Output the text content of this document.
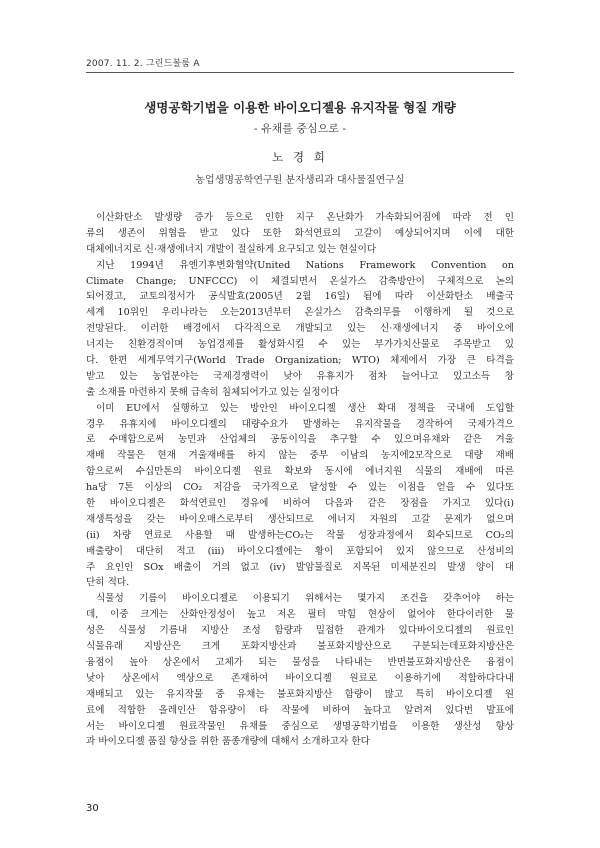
2007. 11. 2. 그린드볼룸 A
생명공학기법을 이용한 바이오디젤용 유지작물 형질 개량
- 유채를 중심으로 -
노 경 희
농업생명공학연구원 분자생리과 대사물질연구실
이산화탄소 발생량 증가 등으로 인한 지구 온난화가 가속화되어짐에 따라 전 인
류의 생존이 위협을 받고 있다 또한 화석연료의 고갈이 예상되어지며 이에 대한
대체에너지로 신·재생에너지 개발이 절실하게 요구되고 있는 현실이다
지난 1994년 유엔기후변화협약(United Nations Framework Convention on
Climate Change; UNFCCC) 이 체결되면서 온실가스 감축방안이 구체적으로 논의
되어졌고, 교토의정서가 공식발효(2005년 2월 16일) 됨에 따라 이산화탄소 배출국
세계 10위인 우리나라는 오는2013년부터 온실가스 감축의무를 이행하게 될 것으로
전망된다. 이러한 배경에서 다각적으로 개발되고 있는 신·재생에너지 중 바이오에
너지는 친환경적이며 농업경제를 활성화시킬 수 있는 부가가치산물로 주목받고 있
다. 한편 세계무역기구(World Trade Organization; WTO) 체제에서 가장 큰 타격을
받고 있는 농업분야는 국제경쟁력이 낮아 유휴지가 점차 늘어나고 있고소득 창
출 소재를 마련하지 못해 급속히 침체되어가고 있는 실정이다
이미 EU에서 실행하고 있는 방안인 바이오디젤 생산 확대 정책을 국내에 도입할
경우 유휴지에 바이오디젤의 대량수요가 발생하는 유지작물을 경작하여 국제가격으
로 수매함으로써 농민과 산업체의 공동이익을 추구할 수 있으며유채와 같은 겨울
재배 작물은 현재 겨울재배를 하지 않는 중부 이남의 농지에2모작으로 대량 재배
함으로써 수십만톤의 바이오디젤 원료 확보와 동시에 에너지원 식물의 재배에 따른
ha당 7톤 이상의 CO₂ 저감을 국가적으로 달성할 수 있는 이점을 얻을 수 있다또
한 바이오디젤은 화석연료인 경유에 비하여 다음과 같은 장점을 가지고 있다(i)
재생특성을 갖는 바이오매스로부터 생산되므로 에너지 자원의 고갈 문제가 없으며
(ii) 차량 연료로 사용할 때 발생하는CO₂는 작물 성장과정에서 회수되므로 CO₂의
배출량이 대단히 적고 (iii) 바이오디젤에는 황이 포함되어 있지 않으므로 산성비의
주 요인인 SOx 배출이 거의 없고 (iv) 발암물질로 지목된 미세분진의 발생 양이 대
단히 적다.
식물성 기름이 바이오디젤로 이용되기 위해서는 몇가지 조건을 갖추어야 하는
데, 이중 크게는 산화안정성이 높고 저온 필터 막힘 현상이 없어야 한다이러한 물
성은 식물성 기름내 지방산 조성 함량과 밀접한 관계가 있다바이오디젤의 원료인
식물유래 지방산은 크게 포화지방산과 불포화지방산으로 구분되는데포화지방산은
융점이 높아 상온에서 고체가 되는 물성을 나타내는 반면불포화지방산은 융점이
낮아 상온에서 액상으로 존재하여 바이오디젤 원료로 이용하기에 적합하다다내
재배되고 있는 유지작물 중 유채는 불포화지방산 함량이 많고 특히 바이오디젤 원
료에 적합한 올레인산 함유량이 타 작물에 비하여 높다고 알려져 있다번 발표에
서는 바이오디젤 원료작물인 유채를 중심으로 생명공학기법을 이용한 생산성 향상
과 바이오디젤 품질 향상을 위한 품종개량에 대해서 소개하고자 한다
30
